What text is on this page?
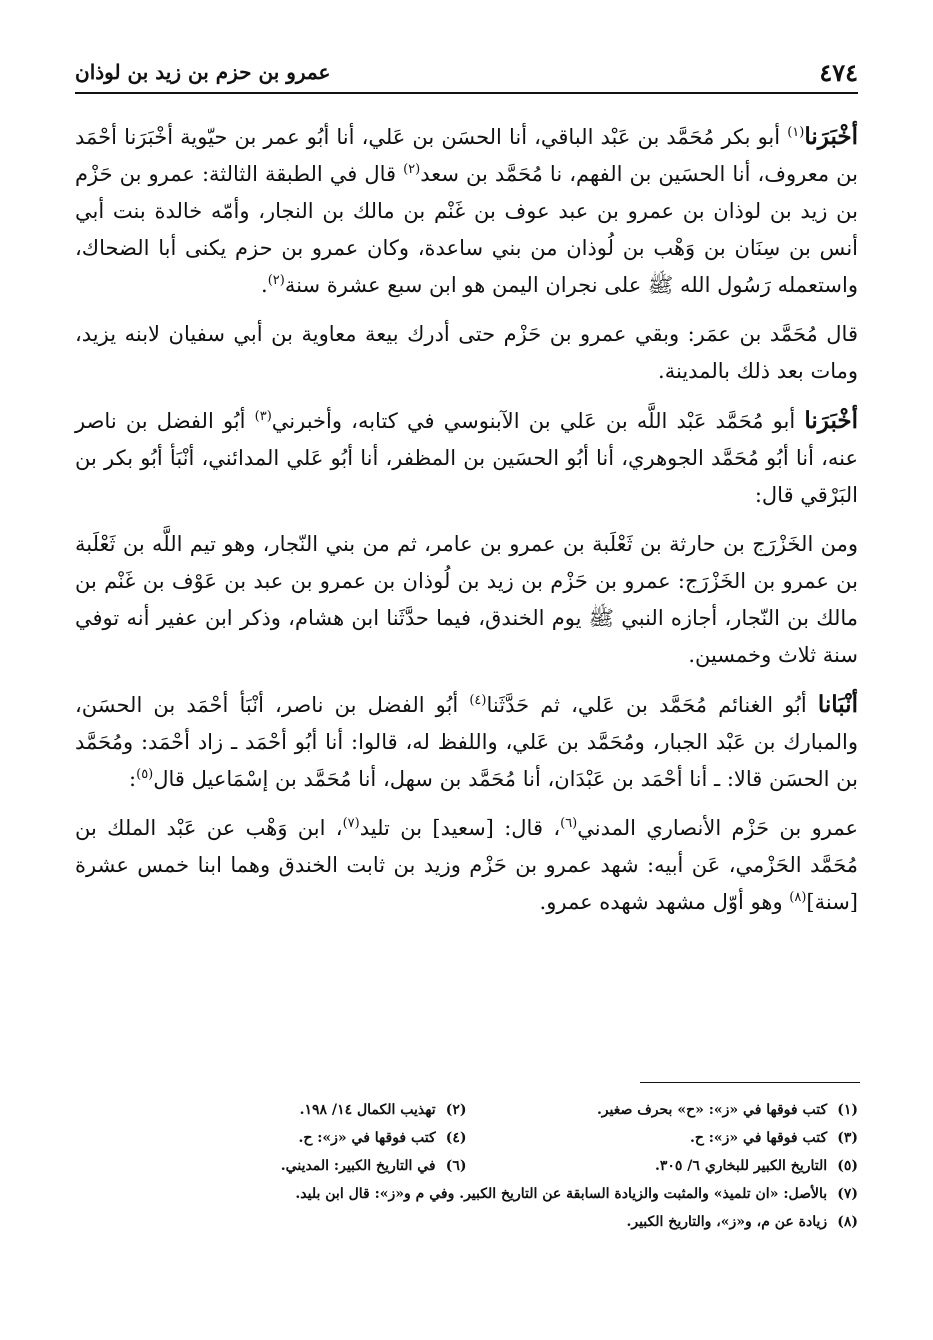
٤٧٤
عمرو بن حزم بن زيد بن لوذان

أخْبَرَنا$^{(١)}$ أبو بكر مُحَمَّد بن عَبْد الباقي، أنا الحسَن بن عَلي، أنا أبُو عمر بن حيّوية أخْبَرَنا أحْمَد بن معروف، أنا الحسَين بن الفهم، نا مُحَمَّد بن سعد$^{(٢)}$ قال في الطبقة الثالثة: عمرو بن حَزْم بن زيد بن لوذان بن عمرو بن عبد عوف بن غَنْم بن مالك بن النجار، وأمّه خالدة بنت أبي أنس بن سِنَان بن وَهْب بن لُوذان من بني ساعدة، وكان عمرو بن حزم يكنى أبا الضحاك، واستعمله رَسُول الله ﷺ على نجران اليمن هو ابن سبع عشرة سنة$^{(٢)}$.

قال مُحَمَّد بن عمَر: وبقي عمرو بن حَزْم حتى أدرك بيعة معاوية بن أبي سفيان لابنه يزيد، ومات بعد ذلك بالمدينة.

أخْبَرَنا أبو مُحَمَّد عَبْد اللَّه بن عَلي بن الآبنوسي في كتابه، وأخبرني$^{(٣)}$ أبُو الفضل بن ناصر عنه، أنا أبُو مُحَمَّد الجوهري، أنا أبُو الحسَين بن المظفر، أنا أبُو عَلي المدائني، أنْبَأ أبُو بكر بن البَرْقي قال:

ومن الخَزْرَج بن حارثة بن ثَعْلَبة بن عمرو بن عامر، ثم من بني النّجار، وهو تيم اللَّه بن ثَعْلَبة بن عمرو بن الخَزْرَج: عمرو بن حَزْم بن زيد بن لُوذان بن عمرو بن عبد بن عَوْف بن غَنْم بن مالك بن النّجار، أجازه النبي ﷺ يوم الخندق، فيما حدَّثَنا ابن هشام، وذكر ابن عفير أنه توفي سنة ثلاث وخمسين.

أنْبَانا أبُو الغنائم مُحَمَّد بن عَلي، ثم حَدَّثَنا$^{(٤)}$ أبُو الفضل بن ناصر، أنْبَأ أحْمَد بن الحسَن، والمبارك بن عَبْد الجبار، ومُحَمَّد بن عَلي، واللفظ له، قالوا: أنا أبُو أحْمَد ـ زاد أحْمَد: ومُحَمَّد بن الحسَن قالا: ـ أنا أحْمَد بن عَبْدَان، أنا مُحَمَّد بن سهل، أنا مُحَمَّد بن إسْمَاعيل قال$^{(٥)}$:

عمرو بن حَزْم الأنصاري المدني$^{(٦)}$، قال: [سعيد] بن تليد$^{(٧)}$، ابن وَهْب عن عَبْد الملك بن مُحَمَّد الحَزْمي، عَن أبيه: شهد عمرو بن حَزْم وزيد بن ثابت الخندق وهما ابنا خمس عشرة [سنة]$^{(٨)}$ وهو أوّل مشهد شهده عمرو.

(١) كتب فوقها في «ز»: «ح» بحرف صغير.
(٢) تهذيب الكمال ١٤/ ١٩٨.
(٣) كتب فوقها في «ز»: ح.
(٤) كتب فوقها في «ز»: ح.
(٥) التاريخ الكبير للبخاري ٦/ ٣٠٥.
(٦) في التاريخ الكبير: المديني.
(٧) بالأصل: «ان تلميذ» والمثبت والزيادة السابقة عن التاريخ الكبير. وفي م و«ز»: قال ابن بليد.
(٨) زيادة عن م، و«ز»، والتاريخ الكبير.
